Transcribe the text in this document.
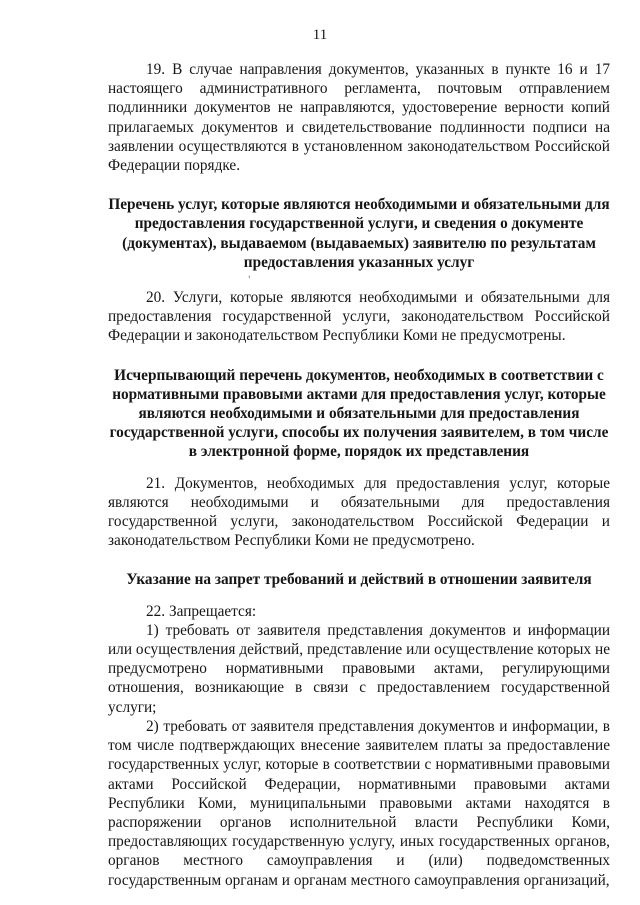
11

19. В случае направления документов, указанных в пункте 16 и 17 настоящего административного регламента, почтовым отправлением подлинники документов не направляются, удостоверение верности копий прилагаемых документов и свидетельствование подлинности подписи на заявлении осуществляются в установленном законодательством Российской Федерации порядке.

Перечень услуг, которые являются необходимыми и обязательными для предоставления государственной услуги, и сведения о документе (документах), выдаваемом (выдаваемых) заявителю по результатам предоставления указанных услуг
‹

20. Услуги, которые являются необходимыми и обязательными для предоставления государственной услуги, законодательством Российской Федерации и законодательством Республики Коми не предусмотрены.

Исчерпывающий перечень документов, необходимых в соответствии с нормативными правовыми актами для предоставления услуг, которые являются необходимыми и обязательными для предоставления государственной услуги, способы их получения заявителем, в том числе в электронной форме, порядок их представления

21. Документов, необходимых для предоставления услуг, которые являются необходимыми и обязательными для предоставления государственной услуги, законодательством Российской Федерации и законодательством Республики Коми не предусмотрено.

Указание на запрет требований и действий в отношении заявителя

22. Запрещается:

1) требовать от заявителя представления документов и информации или осуществления действий, представление или осуществление которых не предусмотрено нормативными правовыми актами, регулирующими отношения, возникающие в связи с предоставлением государственной услуги;

2) требовать от заявителя представления документов и информации, в том числе подтверждающих внесение заявителем платы за предоставление государственных услуг, которые в соответствии с нормативными правовыми актами Российской Федерации, нормативными правовыми актами Республики Коми, муниципальными правовыми актами находятся в распоряжении органов исполнительной власти Республики Коми, предоставляющих государственную услугу, иных государственных органов, органов местного самоуправления и (или) подведомственных государственным органам и органам местного самоуправления организаций,
